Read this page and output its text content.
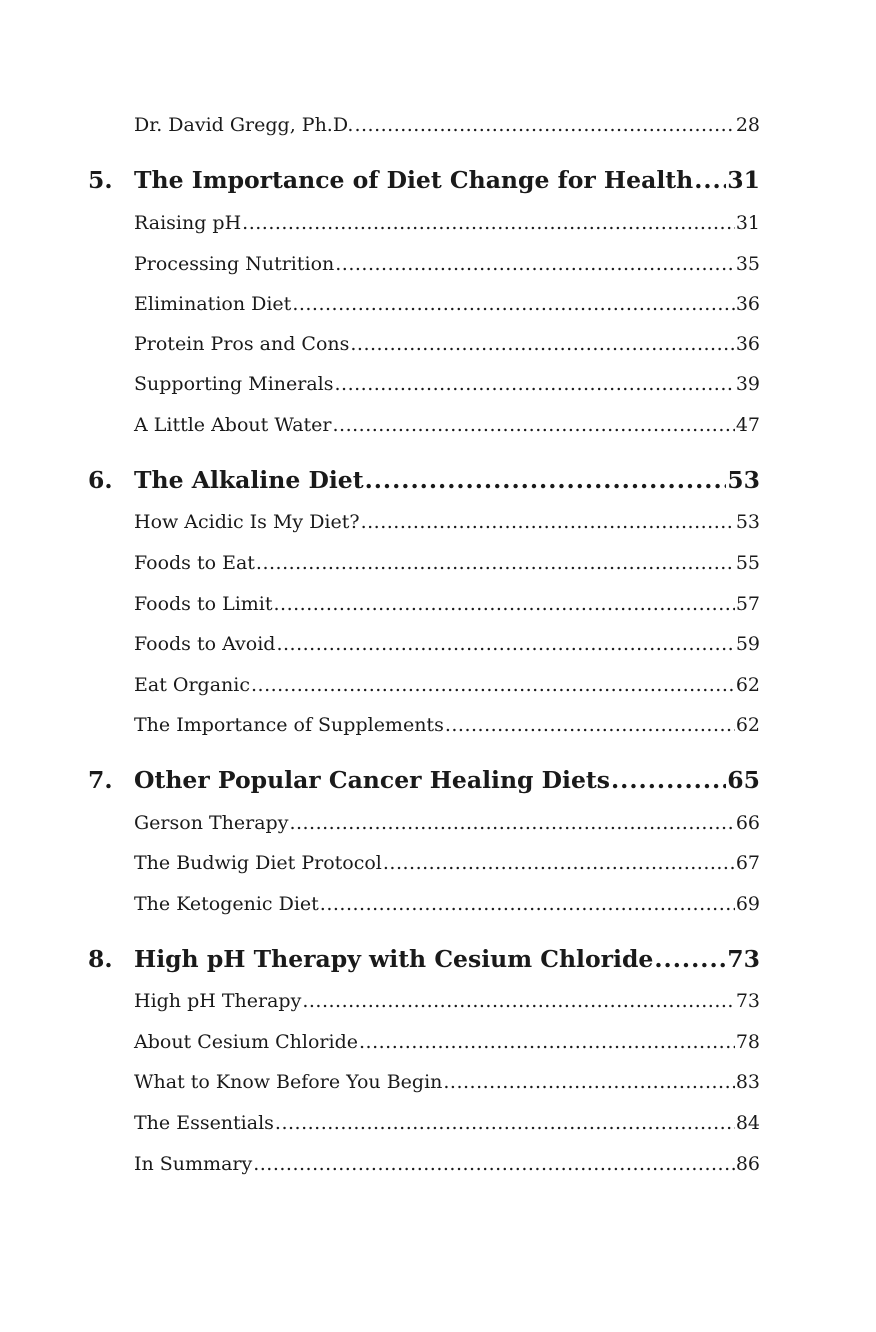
Dr. David Gregg, Ph.D. .....	28
5. The Importance of Diet Change for Health ..... 31
Raising pH .....	31
Processing Nutrition .....	35
Elimination Diet .....	36
Protein Pros and Cons .....	36
Supporting Minerals .....	39
A Little About Water .....	47
6. The Alkaline Diet .....	53
How Acidic Is My Diet? .....	53
Foods to Eat .....	55
Foods to Limit .....	57
Foods to Avoid .....	59
Eat Organic .....	62
The Importance of Supplements .....	62
7. Other Popular Cancer Healing Diets .....	65
Gerson Therapy .....	66
The Budwig Diet Protocol .....	67
The Ketogenic Diet .....	69
8. High pH Therapy with Cesium Chloride .....	73
High pH Therapy .....	73
About Cesium Chloride .....	78
What to Know Before You Begin .....	83
The Essentials .....	84
In Summary .....	86
